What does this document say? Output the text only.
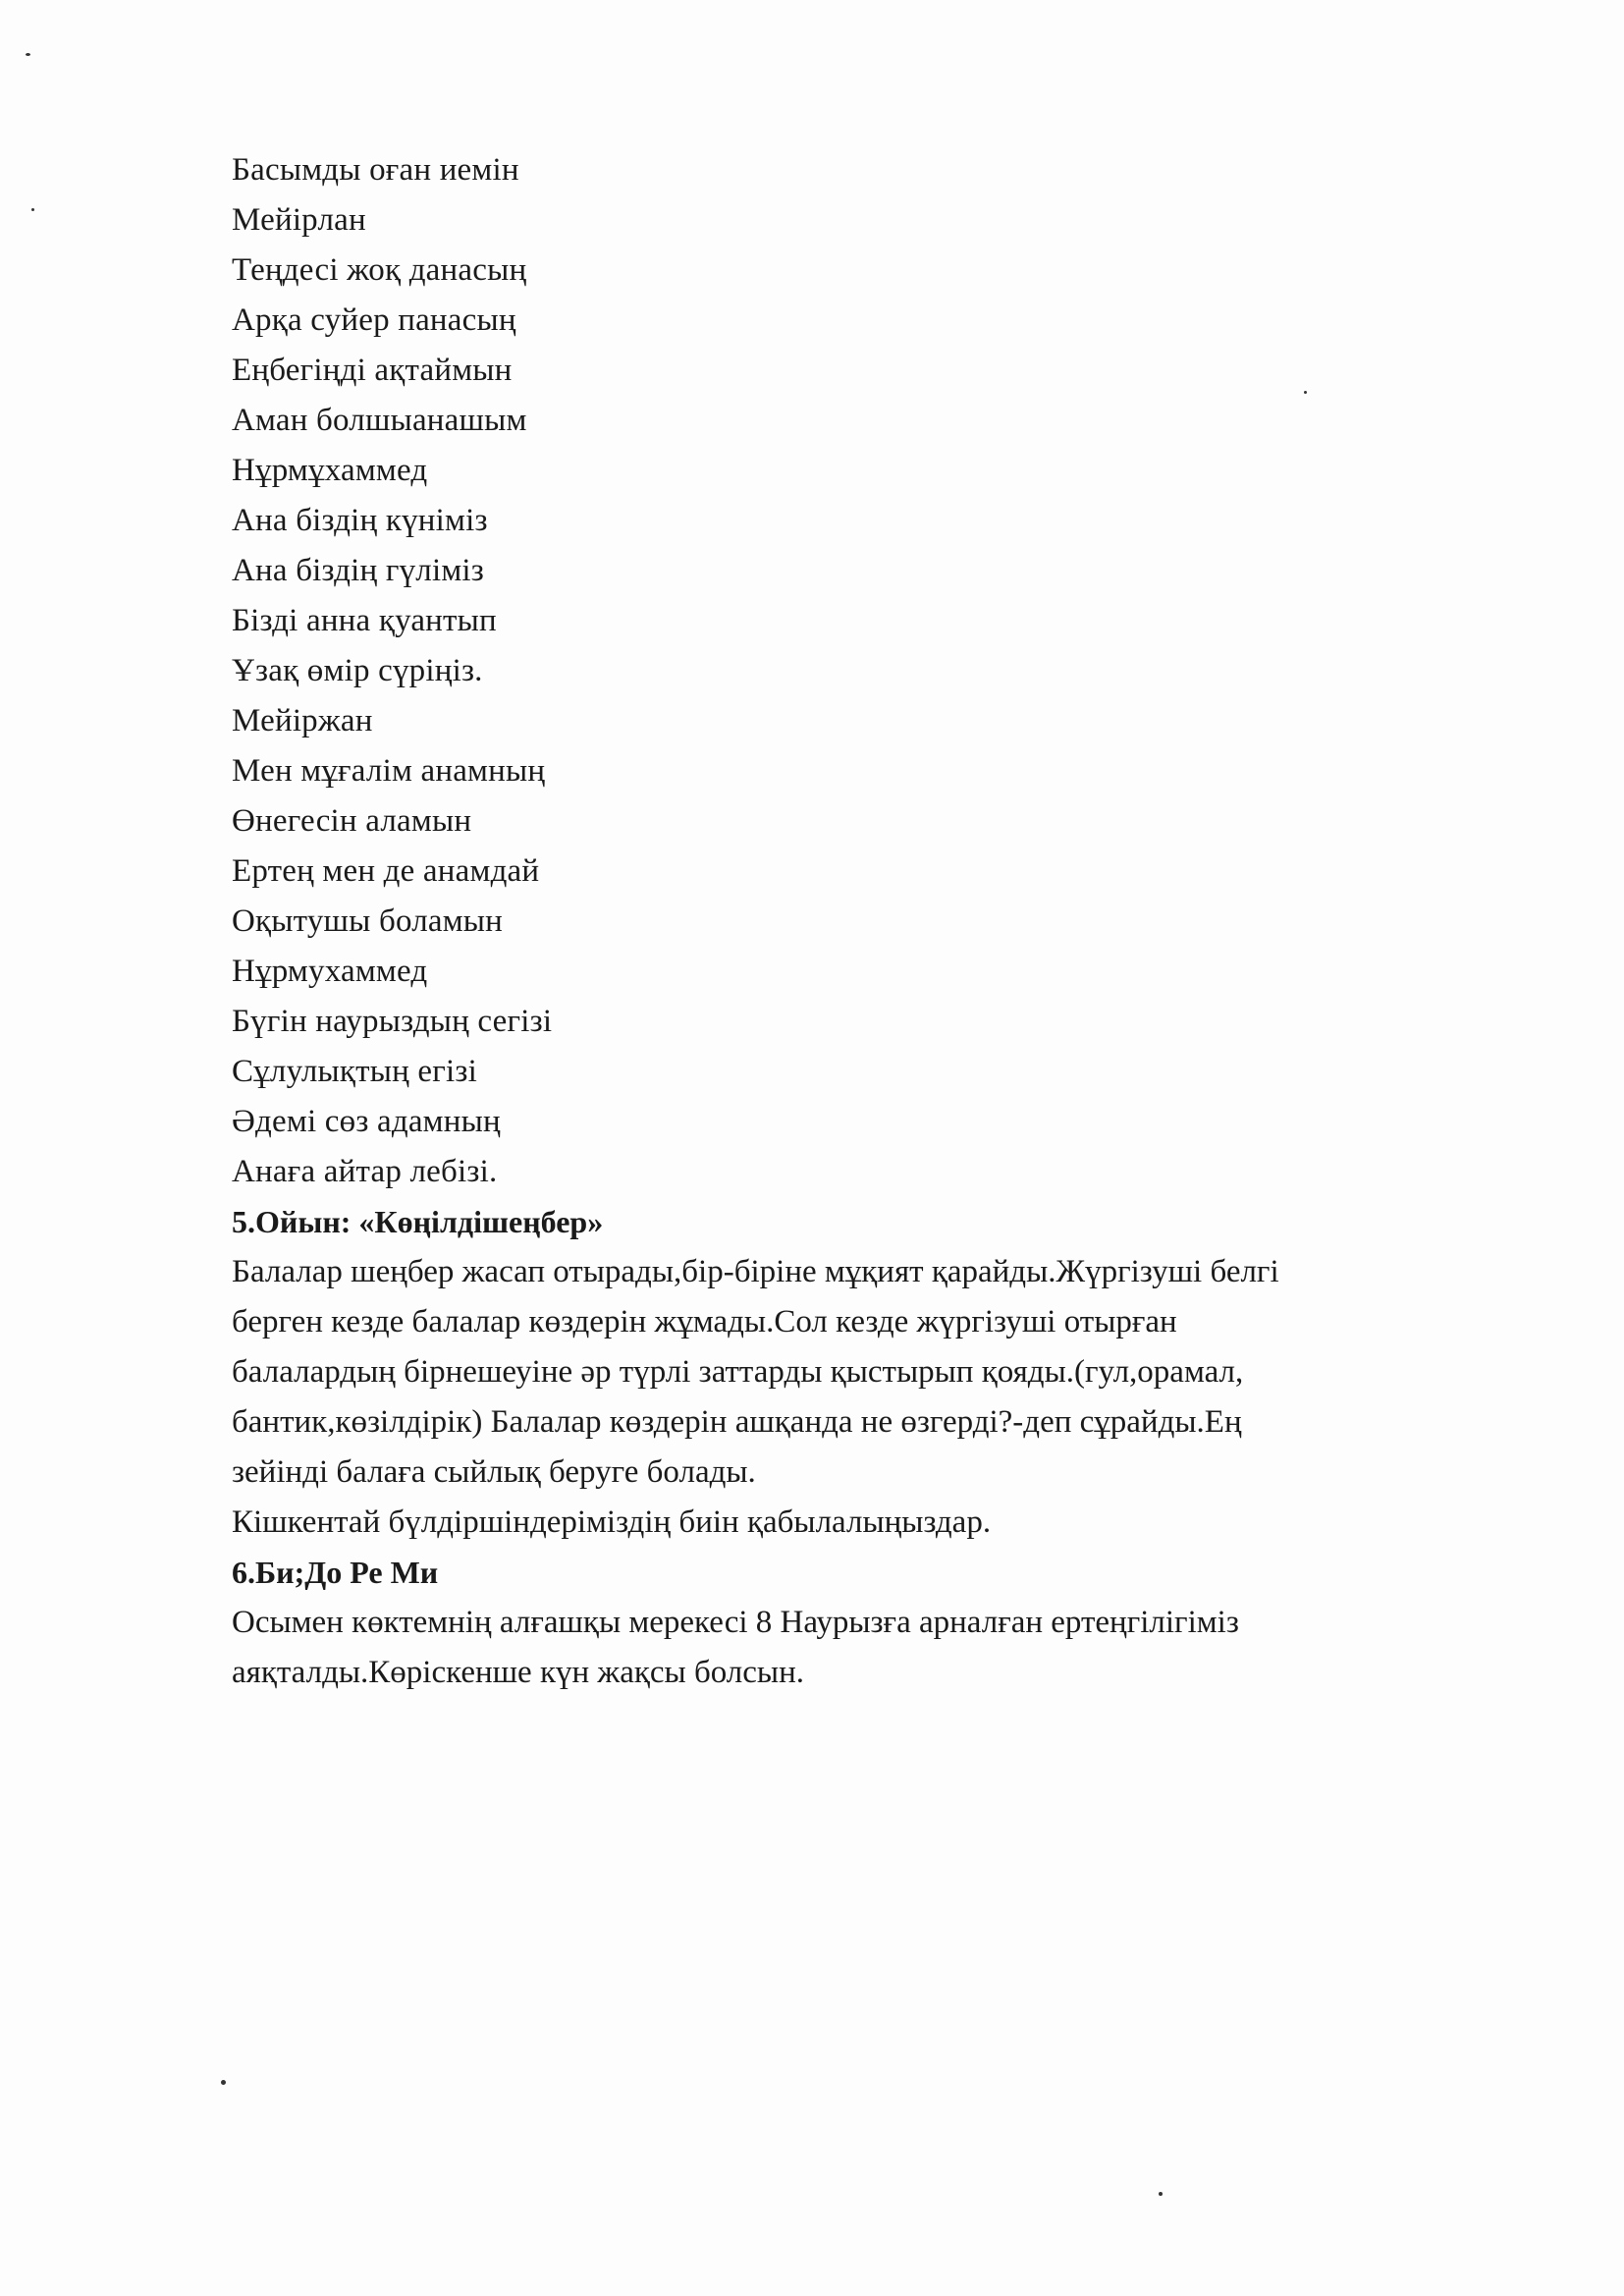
Басымды оған иемін
Мейірлан
Теңдесі жоқ данасың
Арқа суйер панасың
Еңбегіңді ақтаймын
Аман болшыанашым
Нұрмұхаммед
Ана біздің күніміз
Ана біздің гүліміз
Бізді анна қуантып
Ұзақ өмір сүріңіз.
Мейіржан
Мен мұғалім анамның
Өнегесін аламын
Ертең мен де анамдай
Оқытушы боламын
Нұрмухаммед
Бүгін наурыздың сегізі
Сұлулықтың егізі
Әдемі сөз адамның
Анаға айтар лебізі.
5.Ойын: «Көңілдішеңбер»
Балалар шеңбер жасап отырады,бір-біріне мұқият қарайды.Жүргізуші белгі
берген кезде балалар көздерін жұмады.Сол кезде жүргізуші отырған
балалардың бірнешеуіне әр түрлі заттарды қыстырып қояды.(гул,орамал,
бантик,көзілдірік) Балалар көздерін ашқанда не өзгерді?-деп сұрайды.Ең
зейінді балаға сыйлық беруге болады.
Кішкентай бүлдіршіндеріміздің биін қабылалыңыздар.
6.Би;До Ре Ми
Осымен көктемнің алғашқы мерекесі 8 Наурызға арналған ертеңгілігіміз
аяқталды.Көріскенше күн жақсы болсын.
